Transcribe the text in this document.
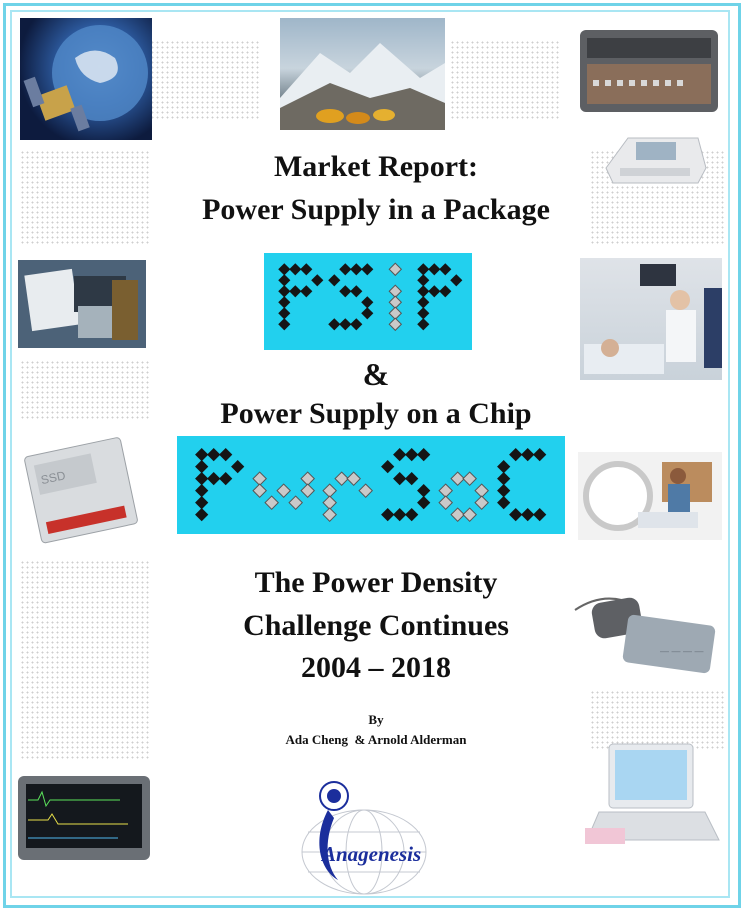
SSD
— — — —
Market Report:
Power Supply in a Package
&
Power Supply on a Chip
The Power Density
Challenge Continues
2004 – 2018
By
Ada Cheng  & Arnold Alderman
Anagenesis
